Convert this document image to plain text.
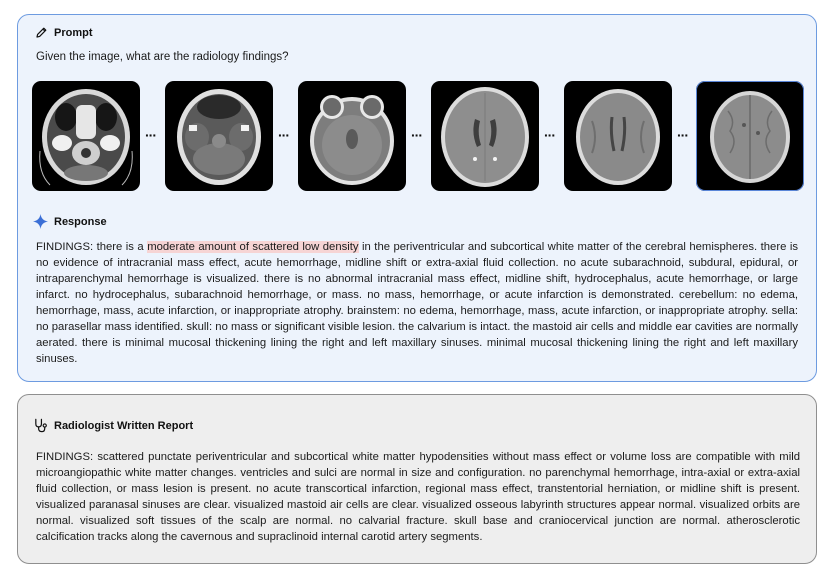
Prompt
Given the image, what are the radiology findings?
···	···	···	···	···
Response
FINDINGS: there is a moderate amount of scattered low density in the periventricular and subcortical white matter of the cerebral hemispheres. there is no evidence of intracranial mass effect, acute hemorrhage, midline shift or extra-axial fluid collection. no acute subarachnoid, subdural, epidural, or intraparenchymal hemorrhage is visualized. there is no abnormal intracranial mass effect, midline shift, hydrocephalus, acute hemorrhage, or large infarct. no hydrocephalus, subarachnoid hemorrhage, or mass. no mass, hemorrhage, or acute infarction is demonstrated. cerebellum: no edema, hemorrhage, mass, acute infarction, or inappropriate atrophy. brainstem: no edema, hemorrhage, mass, acute infarction, or inappropriate atrophy. sella: no parasellar mass identified. skull: no mass or significant visible lesion. the calvarium is intact. the mastoid air cells and middle ear cavities are normally aerated. there is minimal mucosal thickening lining the right and left maxillary sinuses. minimal mucosal thickening lining the right and left maxillary sinuses.
Radiologist Written Report
FINDINGS: scattered punctate periventricular and subcortical white matter hypodensities without mass effect or volume loss are compatible with mild microangiopathic white matter changes. ventricles and sulci are normal in size and configuration. no parenchymal hemorrhage, intra-axial or extra-axial fluid collection, or mass lesion is present. no acute transcortical infarction, regional mass effect, transtentorial herniation, or midline shift is present. visualized paranasal sinuses are clear. visualized mastoid air cells are clear. visualized osseous labyrinth structures appear normal. visualized orbits are normal. visualized soft tissues of the scalp are normal. no calvarial fracture. skull base and craniocervical junction are normal. atherosclerotic calcification tracks along the cavernous and supraclinoid internal carotid artery segments.
